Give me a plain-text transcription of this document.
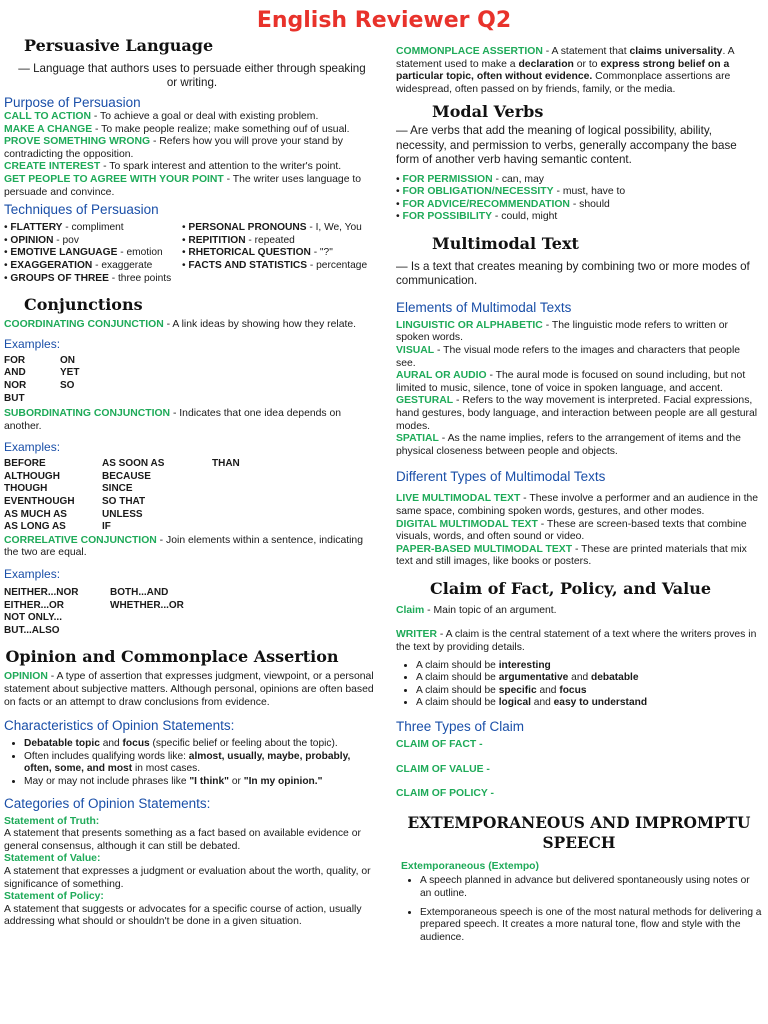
English Reviewer Q2
Persuasive Language

— Language that authors uses to persuade either through speaking or writing.

Purpose of Persuasion

CALL TO ACTION - To achieve a goal or deal with existing problem.

MAKE A CHANGE - To make people realize; make something ouf of usual.

PROVE SOMETHING WRONG - Refers how you will prove your stand by contradicting the opposition.

CREATE INTEREST - To spark interest and attention to the writer's point.

GET PEOPLE TO AGREE WITH YOUR POINT - The writer uses language to persuade and convince.

Techniques of Persuasion

• FLATTERY - compliment

• OPINION - pov

• EMOTIVE LANGUAGE - emotion

• EXAGGERATION - exaggerate

• GROUPS OF THREE - three points

• PERSONAL PRONOUNS - I, We, You

• REPITITION - repeated

• RHETORICAL QUESTION - "?"

• FACTS AND STATISTICS - percentage

Conjunctions

COORDINATING CONJUNCTION - A link ideas by showing how they relate.

Examples:

FOR	ON
AND	YET
NOR	SO
BUT

SUBORDINATING CONJUNCTION - Indicates that one idea depends on another.

Examples:

BEFORE	AS SOON AS	THAN
ALTHOUGH	BECAUSE
THOUGH	SINCE
EVENTHOUGH	SO THAT
AS MUCH AS	UNLESS
AS LONG AS	IF

CORRELATIVE CONJUNCTION - Join elements within a sentence, indicating the two are equal.

Examples:

NEITHER...NOR	BOTH...AND
EITHER...OR	WHETHER...OR
NOT ONLY...
BUT...ALSO
Opinion and Commonplace Assertion

OPINION - A type of assertion that expresses judgment, viewpoint, or a personal statement about subjective matters. Although personal, opinions are often based on facts or an attempt to draw conclusions from evidence.

Characteristics of Opinion Statements:
• Debatable topic and focus (specific belief or feeling about the topic).
• Often includes qualifying words like: almost, usually, maybe, probably, often, some, and most in most cases.
• May or may not include phrases like "I think" or "In my opinion."
Categories of Opinion Statements:

Statement of Truth:

A statement that presents something as a fact based on available evidence or general consensus, although it can still be debated.

Statement of Value:

A statement that expresses a judgment or evaluation about the worth, quality, or significance of something.

Statement of Policy:

A statement that suggests or advocates for a specific course of action, usually addressing what should or shouldn't be done in a given situation.

COMMONPLACE ASSERTION - A statement that claims universality. A statement used to make a declaration or to express strong belief on a particular topic, often without evidence. Commonplace assertions are widespread, often passed on by friends, family, or the media.

Modal Verbs

— Are verbs that add the meaning of logical possibility, ability, necessity, and permission to verbs, generally accompany the base form of another verb having semantic content.

• FOR PERMISSION - can, may

• FOR OBLIGATION/NECESSITY - must, have to

• FOR ADVICE/RECOMMENDATION - should

• FOR POSSIBILITY - could, might

Multimodal Text

— Is a text that creates meaning by combining two or more modes of communication.

Elements of Multimodal Texts

LINGUISTIC OR ALPHABETIC - The linguistic mode refers to written or spoken words.

VISUAL - The visual mode refers to the images and characters that people see.

AURAL OR AUDIO - The aural mode is focused on sound including, but not limited to music, silence, tone of voice in spoken language, and accent.

GESTURAL - Refers to the way movement is interpreted. Facial expressions, hand gestures, body language, and interaction between people are all gestural modes.

SPATIAL - As the name implies, refers to the arrangement of items and the physical closeness between people and objects.

Different Types of Multimodal Texts

LIVE MULTIMODAL TEXT - These involve a performer and an audience in the same space, combining spoken words, gestures, and other modes.

DIGITAL MULTIMODAL TEXT - These are screen-based texts that combine visuals, words, and often sound or video.

PAPER-BASED MULTIMODAL TEXT - These are printed materials that mix text and still images, like books or posters.

Claim of Fact, Policy, and Value

Claim - Main topic of an argument.

WRITER - A claim is the central statement of a text where the writers proves in the text by providing details.

• A claim should be interesting
• A claim should be argumentative and debatable
• A claim should be specific and focus
• A claim should be logical and easy to understand
Three Types of Claim

CLAIM OF FACT -

CLAIM OF VALUE -

CLAIM OF POLICY -

EXTEMPORANEOUS AND IMPROMPTU SPEECH

Extemporaneous (Extempo)

• A speech planned in advance but delivered spontaneously using notes or an outline.
• Extemporaneous speech is one of the most natural methods for delivering a prepared speech. It creates a more natural tone, flow and style with the audience.
